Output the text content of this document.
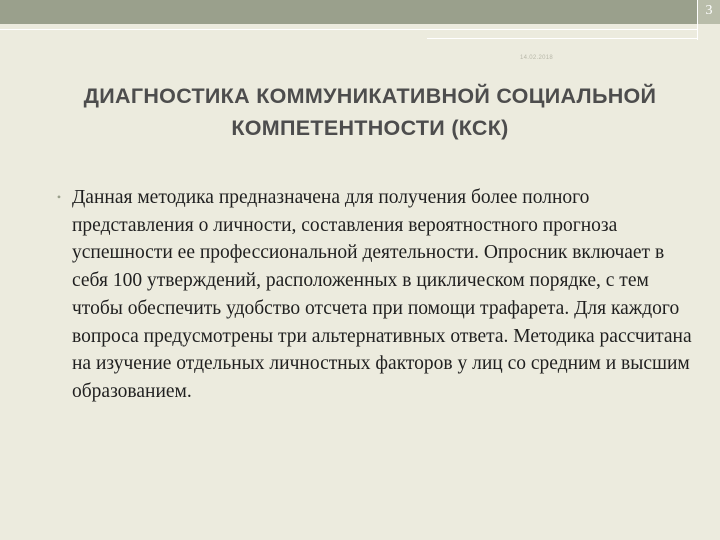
3
14.02.2018
ДИАГНОСТИКА КОММУНИКАТИВНОЙ СОЦИАЛЬНОЙ КОМПЕТЕНТНОСТИ (КСК)
• Данная методика предназначена для получения более полного представления о личности, составления вероятностного прогноза успешности ее профессиональной деятельности. Опросник включает в себя 100 утверждений, расположенных в циклическом порядке, с тем чтобы обеспечить удобство отсчета при помощи трафарета. Для каждого вопроса предусмотрены три альтернативных ответа. Методика рассчитана на изучение отдельных личностных факторов у лиц со средним и высшим образованием.
